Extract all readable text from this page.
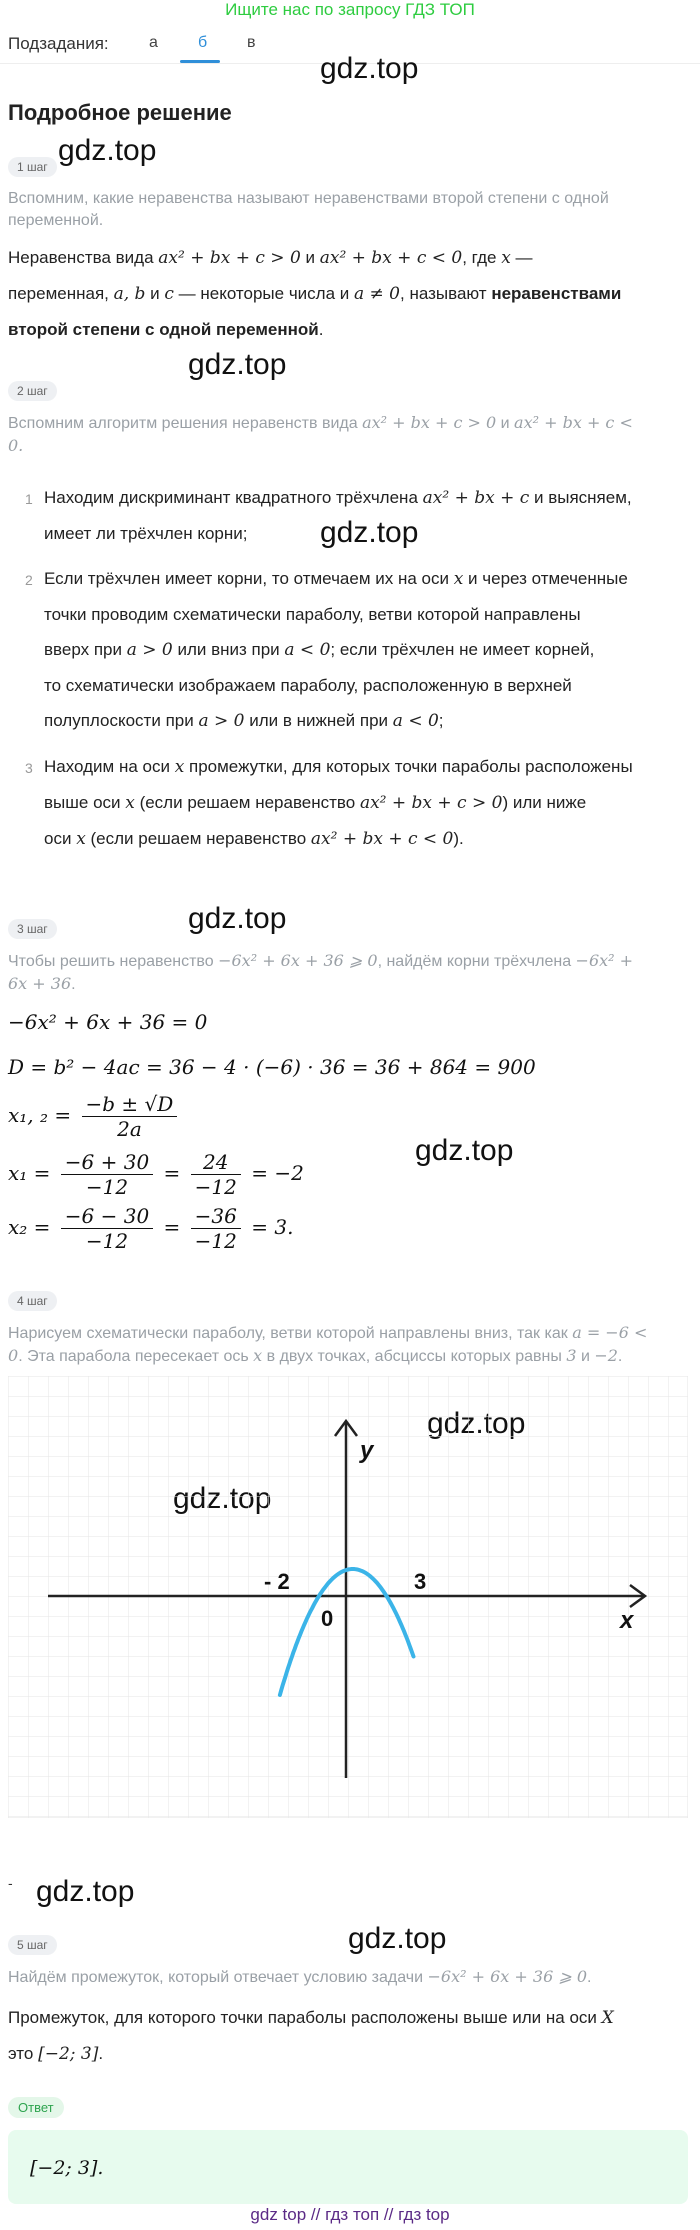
Ищите нас по запросу ГДЗ ТОП
Подзадания:	а	б	в
gdz.top
gdz.top
gdz.top
gdz.top
gdz.top
gdz.top
gdz.top
gdz.top
Подробное решение
1 шаг
Вспомним, какие неравенства называют неравенствами второй степени с одной переменной.
Неравенства вида ax² + bx + c > 0 и ax² + bx + c < 0, где x —
переменная, a, b и c — некоторые числа и a ≠ 0, называют неравенствами
второй степени с одной переменной.
2 шаг
Вспомним алгоритм решения неравенств вида ax² + bx + c > 0 и ax² + bx + c <
0.
1 Находим дискриминант квадратного трёхчлена ax² + bx + c и выясняем,
имеет ли трёхчлен корни;
2 Если трёхчлен имеет корни, то отмечаем их на оси x и через отмеченные
точки проводим схематически параболу, ветви которой направлены
вверх при a > 0 или вниз при a < 0; если трёхчлен не имеет корней,
то схематически изображаем параболу, расположенную в верхней
полуплоскости при a > 0 или в нижней при a < 0;
3 Находим на оси x промежутки, для которых точки параболы расположены
выше оси x (если решаем неравенство ax² + bx + c > 0) или ниже
оси x (если решаем неравенство ax² + bx + c < 0).
3 шаг
Чтобы решить неравенство −6x² + 6x + 36 ⩾ 0, найдём корни трёхчлена −6x² +
6x + 36.
−6x² + 6x + 36 = 0
D = b² − 4ac = 36 − 4 · (−6) · 36 = 36 + 864 = 900
x₁, $_2 = \frac{-b \pm √D}{2a}$
$x_1 = \frac{-6 + 30}{-12} = \frac{24}{-12} = -2$
$x_2 = \frac{-6 - 30}{-12} = \frac{-36}{-12} = 3$.
4 шаг
Нарисуем схематически параболу, ветви которой направлены вниз, так как a = −6 <
0. Эта парабола пересекает ось x в двух точках, абсциссы которых равны 3 и −2.
x
y
0
- 2	3
-
5 шаг
Найдём промежуток, который отвечает условию задачи −6x² + 6x + 36 ⩾ 0.
Промежуток, для которого точки параболы расположены выше или на оси X
это [−2; 3].
Ответ
[−2; 3].
gdz top // гдз топ // гдз top
